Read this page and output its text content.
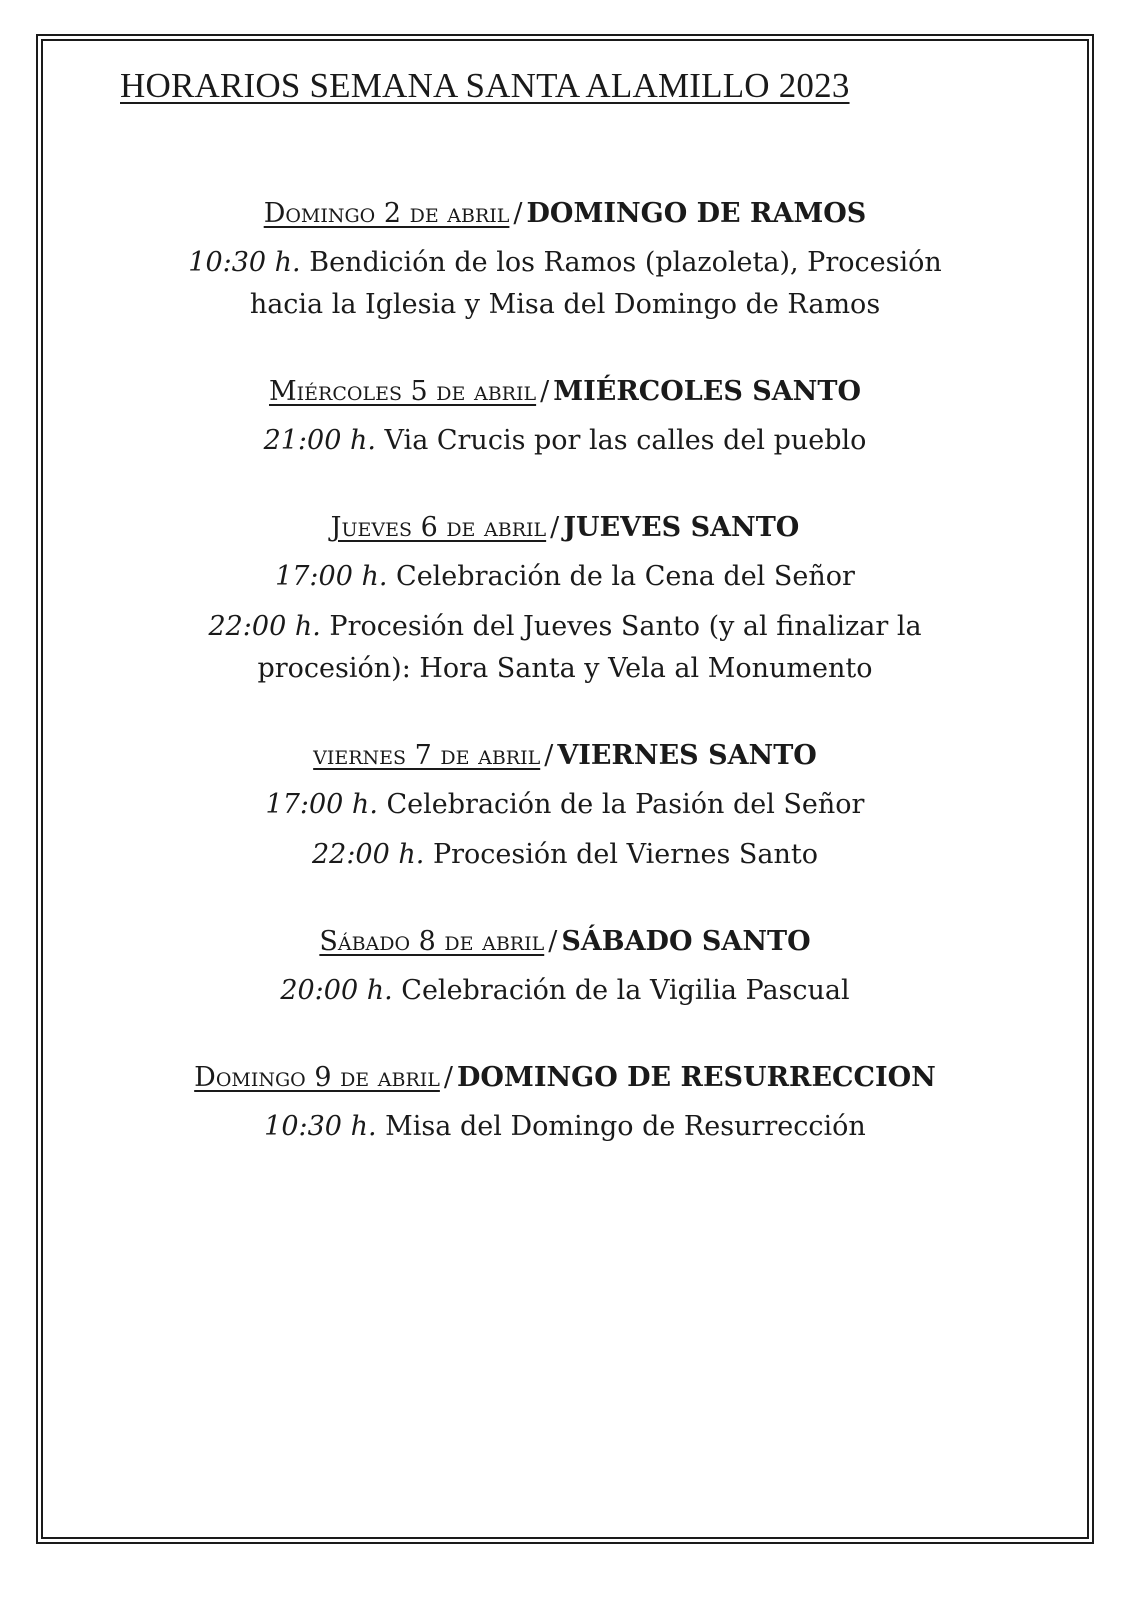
HORARIOS SEMANA SANTA ALAMILLO 2023
Domingo 2 de abril / DOMINGO DE RAMOS
10:30 h. Bendición de los Ramos (plazoleta), Procesión
hacia la Iglesia y Misa del Domingo de Ramos
Miércoles 5 de abril / MIÉRCOLES SANTO
21:00 h. Via Crucis por las calles del pueblo
Jueves 6 de abril / JUEVES SANTO
17:00 h. Celebración de la Cena del Señor
22:00 h. Procesión del Jueves Santo (y al finalizar la
procesión): Hora Santa y Vela al Monumento
viernes 7 de abril / VIERNES SANTO
17:00 h. Celebración de la Pasión del Señor
22:00 h. Procesión del Viernes Santo
Sábado 8 de abril / SÁBADO SANTO
20:00 h. Celebración de la Vigilia Pascual
Domingo 9 de abril / DOMINGO DE RESURRECCION
10:30 h. Misa del Domingo de Resurrección
